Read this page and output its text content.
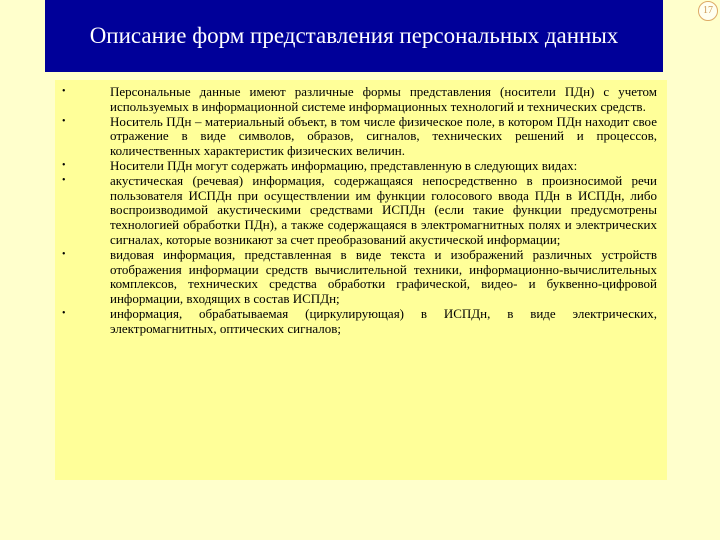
Описание форм представления персональных данных
17
•	Персональные данные имеют различные формы представления (носители ПДн) с учетом используемых в информационной системе информационных технологий и технических средств.
•	Носитель ПДн – материальный объект, в том числе физическое поле, в котором ПДн находит свое отражение в виде символов, образов, сигналов, технических решений и процессов, количественных характеристик физических величин.
•	Носители ПДн могут содержать информацию, представленную в следующих видах:
•	акустическая (речевая) информация, содержащаяся непосредственно в произносимой речи пользователя ИСПДн при осуществлении им функции голосового ввода ПДн в ИСПДн, либо воспроизводимой акустическими средствами ИСПДн (если такие функции предусмотрены технологией обработки ПДн), а также содержащаяся в электромагнитных полях и электрических сигналах, которые возникают за счет преобразований акустической информации;
•	видовая информация, представленная в виде текста и изображений различных устройств отображения информации средств вычислительной техники, информационно-вычислительных комплексов, технических средства обработки графической, видео- и буквенно-цифровой информации, входящих в состав ИСПДн;
•	информация, обрабатываемая (циркулирующая) в ИСПДн, в виде электрических, электромагнитных, оптических сигналов;
